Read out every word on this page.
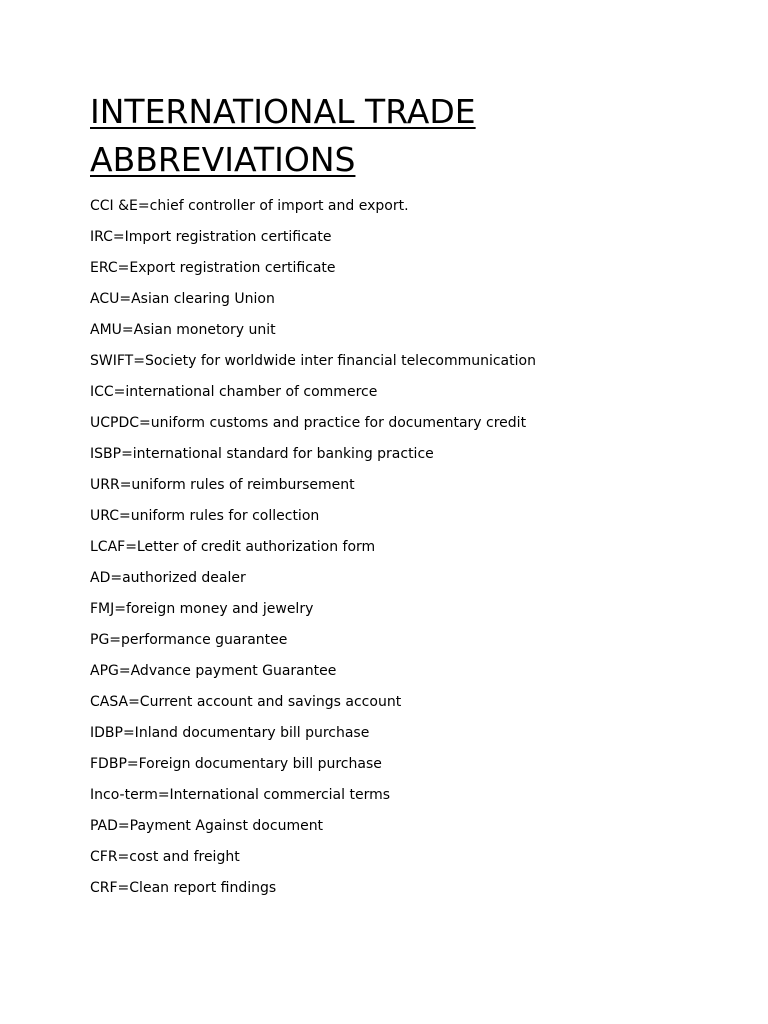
INTERNATIONAL TRADE
ABBREVIATIONS
CCI &E=chief controller of import and export.
IRC=Import registration certificate
ERC=Export registration certificate
ACU=Asian clearing Union
AMU=Asian monetory unit
SWIFT=Society for worldwide inter financial telecommunication
ICC=international chamber of commerce
UCPDC=uniform customs and practice for documentary credit
ISBP=international standard for banking practice
URR=uniform rules of reimbursement
URC=uniform rules for collection
LCAF=Letter of credit authorization form
AD=authorized dealer
FMJ=foreign money and jewelry
PG=performance guarantee
APG=Advance payment Guarantee
CASA=Current account and savings account
IDBP=Inland documentary bill purchase
FDBP=Foreign documentary bill purchase
Inco-term=International commercial terms
PAD=Payment Against document
CFR=cost and freight
CRF=Clean report findings
